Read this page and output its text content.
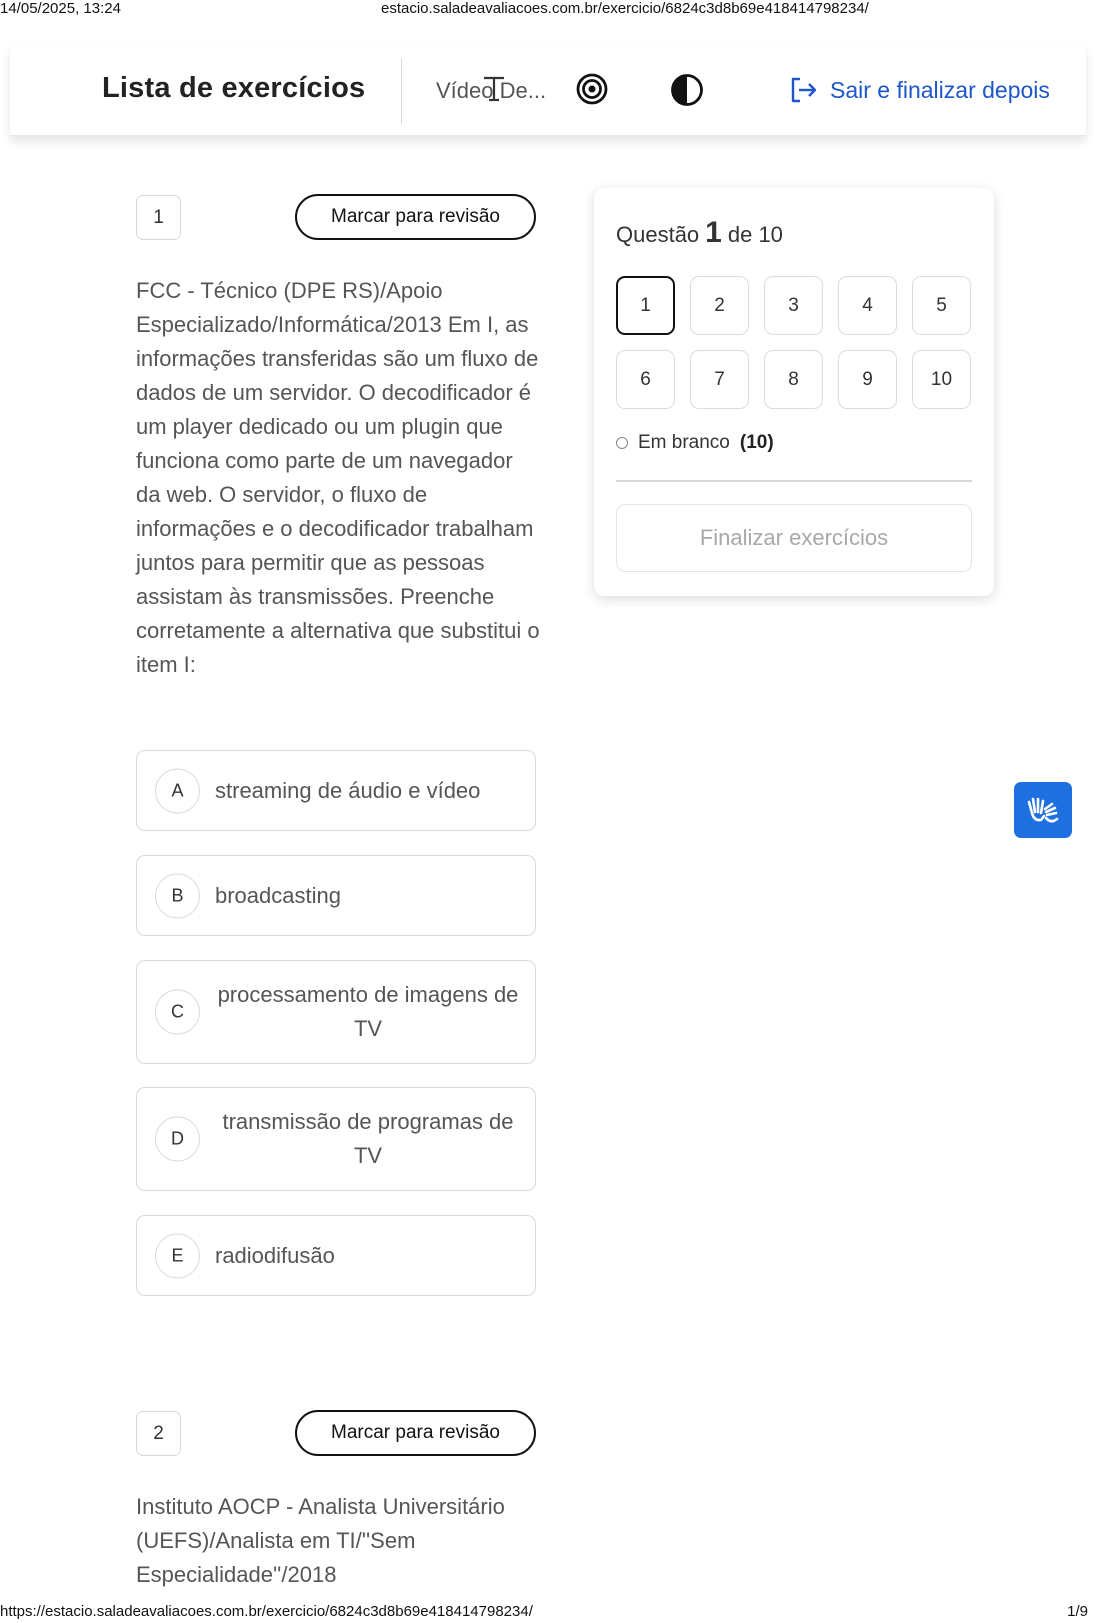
14/05/2025, 13:24	estacio.saladeavaliacoes.com.br/exercicio/6824c3d8b69e418414798234/
Lista de exercícios	Vídeo De...	Sair e finalizar depois
1	Marcar para revisão
FCC - Técnico (DPE RS)/Apoio Especializado/Informática/2013 Em I, as informações transferidas são um fluxo de dados de um servidor. O decodificador é um player dedicado ou um plugin que funciona como parte de um navegador da web. O servidor, o fluxo de informações e o decodificador trabalham juntos para permitir que as pessoas assistam às transmissões. Preenche corretamente a alternativa que substitui o item I:
A	streaming de áudio e vídeo
B	broadcasting
C
processamento de imagens de TV
D
transmissão de programas de TV
E	radiodifusão
2	Marcar para revisão
Instituto AOCP - Analista Universitário (UEFS)/Analista em TI/''Sem Especialidade''/2018
Questão 1 de 10
1	2	3	4	5
6	7	8	9	10
Em branco (10)
Finalizar exercícios
https://estacio.saladeavaliacoes.com.br/exercicio/6824c3d8b69e418414798234/	1/9
